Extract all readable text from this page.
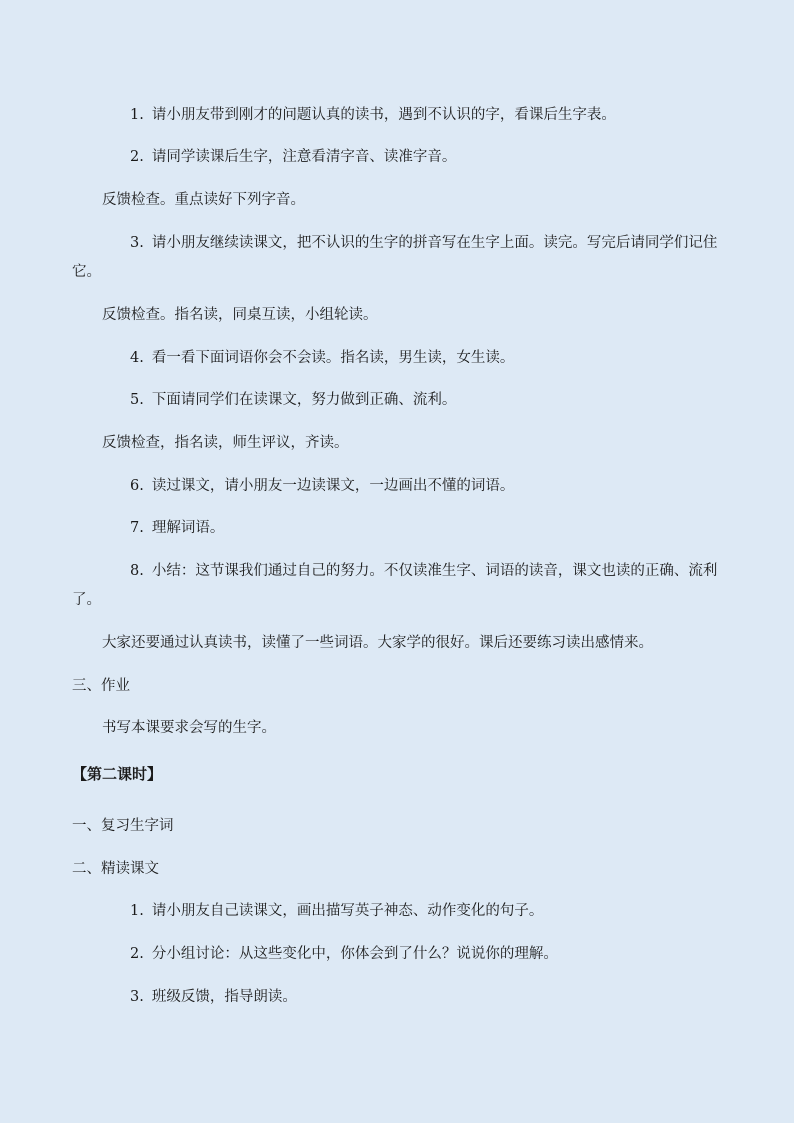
1. 请小朋友带到刚才的问题认真的读书，遇到不认识的字，看课后生字表。
2. 请同学读课后生字，注意看清字音、读准字音。
反馈检查。重点读好下列字音。
3. 请小朋友继续读课文，把不认识的生字的拼音写在生字上面。读完。写完后请同学们记住它。
反馈检查。指名读，同桌互读，小组轮读。
4. 看一看下面词语你会不会读。指名读，男生读，女生读。
5. 下面请同学们在读课文，努力做到正确、流利。
反馈检查，指名读，师生评议，齐读。
6. 读过课文，请小朋友一边读课文，一边画出不懂的词语。
7. 理解词语。
8. 小结：这节课我们通过自己的努力。不仅读准生字、词语的读音，课文也读的正确、流利了。
大家还要通过认真读书，读懂了一些词语。大家学的很好。课后还要练习读出感情来。
三、作业
书写本课要求会写的生字。
【第二课时】
一、复习生字词
二、精读课文
1. 请小朋友自己读课文，画出描写英子神态、动作变化的句子。
2. 分小组讨论：从这些变化中，你体会到了什么？说说你的理解。
3. 班级反馈，指导朗读。
